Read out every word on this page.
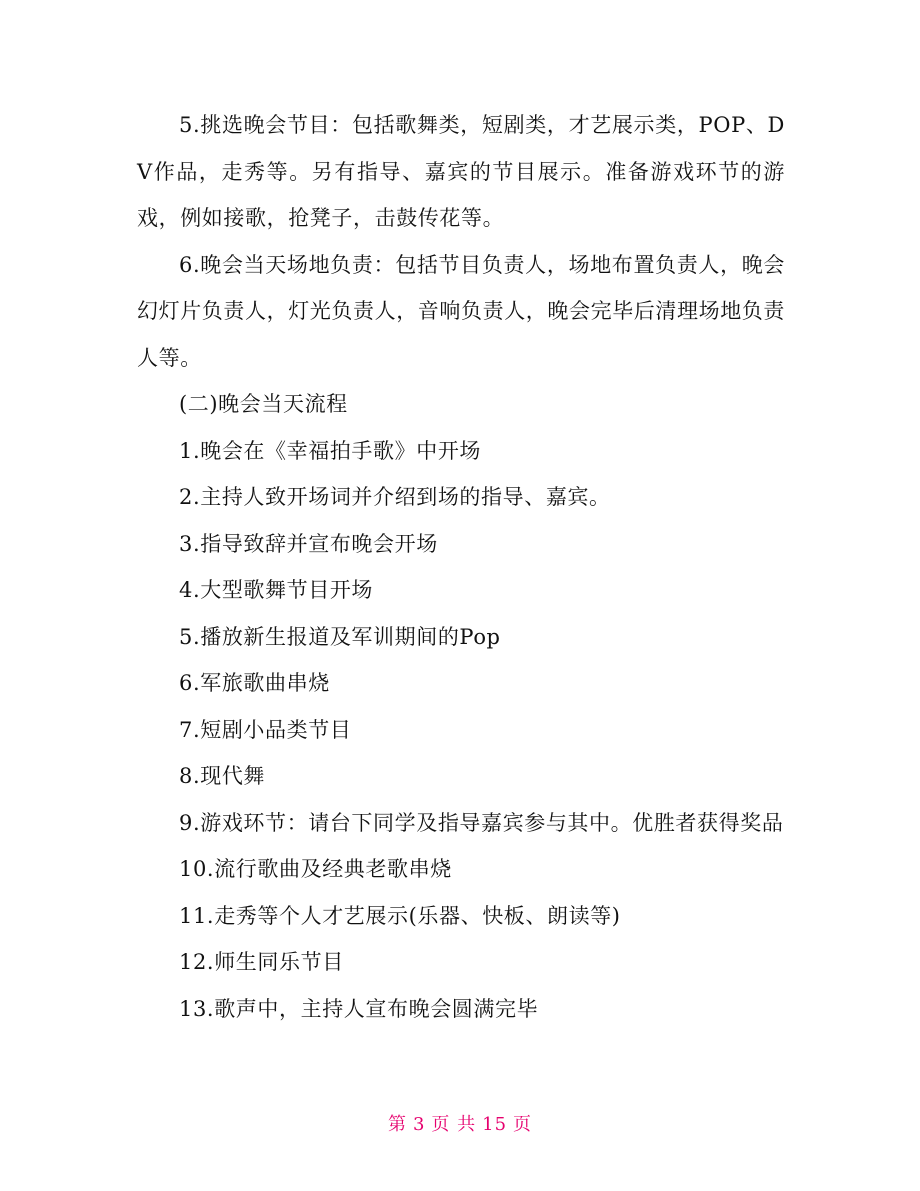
5.挑选晚会节目：包括歌舞类，短剧类，才艺展示类，POP、DV作品，走秀等。另有指导、嘉宾的节目展示。准备游戏环节的游戏，例如接歌，抢凳子，击鼓传花等。

6.晚会当天场地负责：包括节目负责人，场地布置负责人，晚会幻灯片负责人，灯光负责人，音响负责人，晚会完毕后清理场地负责人等。

(二)晚会当天流程

1.晚会在《幸福拍手歌》中开场

2.主持人致开场词并介绍到场的指导、嘉宾。

3.指导致辞并宣布晚会开场

4.大型歌舞节目开场

5.播放新生报道及军训期间的Pop

6.军旅歌曲串烧

7.短剧小品类节目

8.现代舞

9.游戏环节：请台下同学及指导嘉宾参与其中。优胜者获得奖品

10.流行歌曲及经典老歌串烧

11.走秀等个人才艺展示(乐器、快板、朗读等)

12.师生同乐节目

13.歌声中，主持人宣布晚会圆满完毕

第 3 页 共 15 页
